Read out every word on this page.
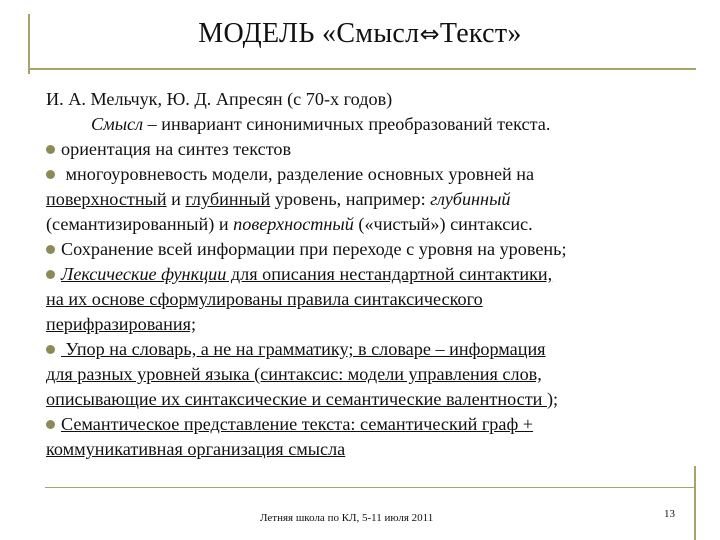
МОДЕЛЬ «Смысл⇔Текст»
И. А. Мельчук, Ю. Д. Апресян (с 70-х годов)
Смысл – инвариант синонимичных преобразований текста.
ориентация на синтез текстов
многоуровневость модели, разделение основных уровней на
поверхностный и глубинный уровень, например: глубинный
(семантизированный) и поверхностный («чистый») синтаксис.
Сохранение всей информации при переходе с уровня на уровень;
Лексические функции для описания нестандартной синтактики,
на их основе сформулированы правила синтаксического
перифразирования;
Упор на словарь, а не на грамматику; в словаре – информация
для разных уровней языка (синтаксис: модели управления слов,
описывающие их синтаксические и семантические валентности );
Семантическое представление текста: семантический граф +
коммуникативная организация смысла
Летняя школа по КЛ, 5-11 июля 2011	13
